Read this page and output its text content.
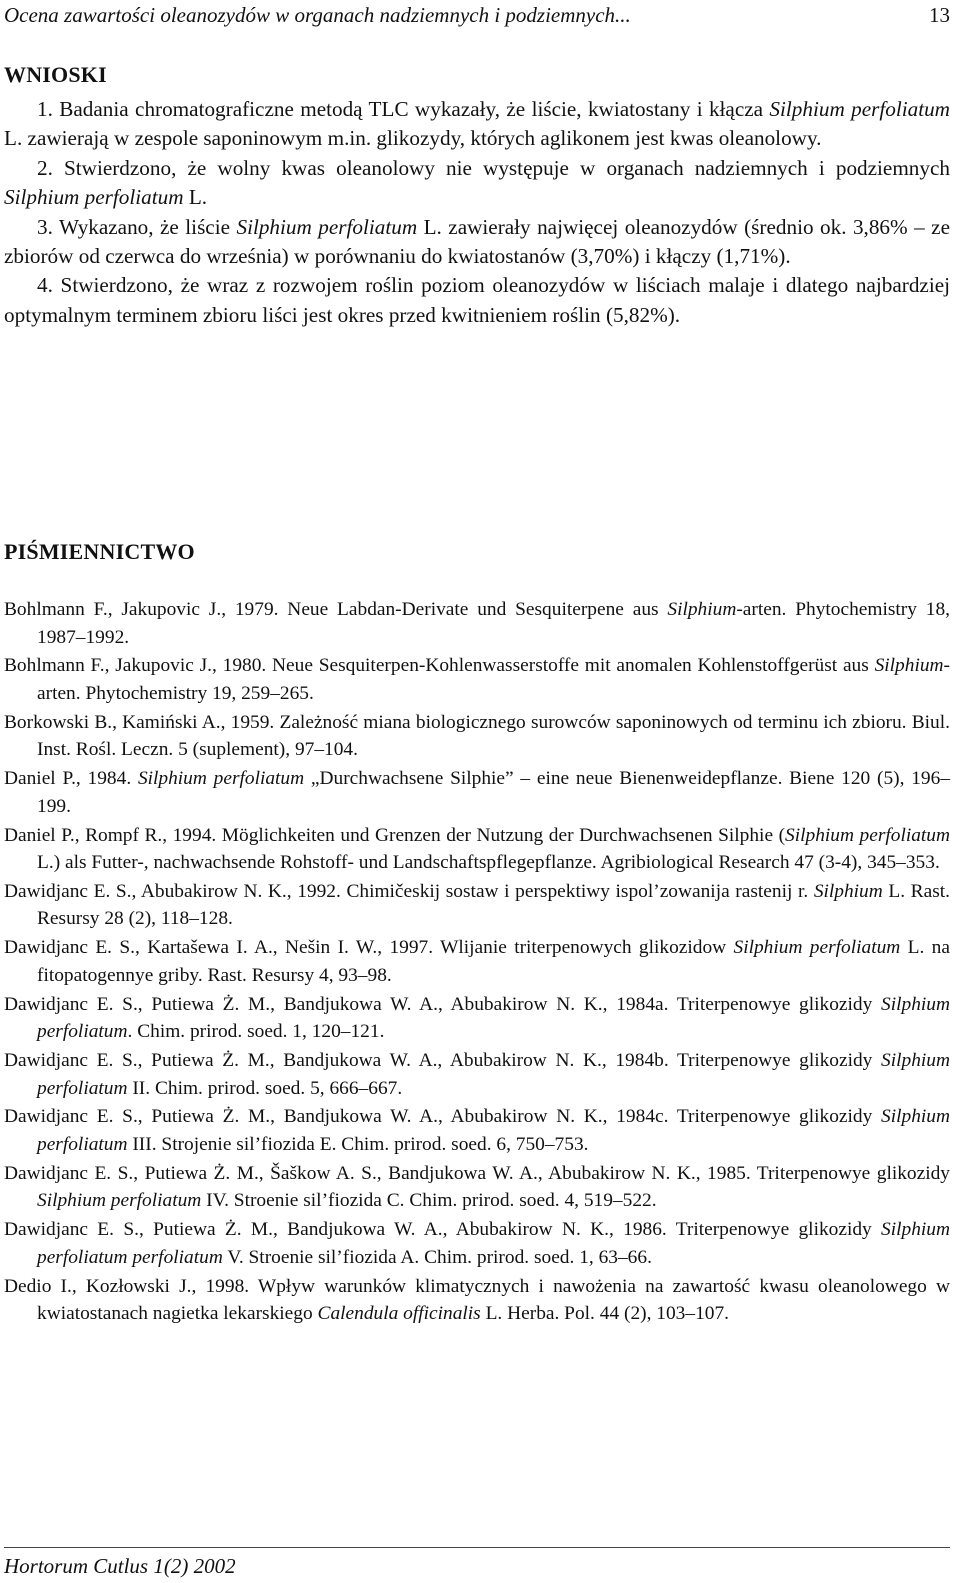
Ocena zawartości oleanozydów w organach nadziemnych i podziemnych...	13
WNIOSKI

1. Badania chromatograficzne metodą TLC wykazały, że liście, kwiatostany i kłącza Silphium perfoliatum L. zawierają w zespole saponinowym m.in. glikozydy, których aglikonem jest kwas oleanolowy.

2. Stwierdzono, że wolny kwas oleanolowy nie występuje w organach nadziemnych i podziemnych Silphium perfoliatum L.

3. Wykazano, że liście Silphium perfoliatum L. zawierały najwięcej oleanozydów (średnio ok. 3,86% – ze zbiorów od czerwca do września) w porównaniu do kwiatostanów (3,70%) i kłączy (1,71%).

4. Stwierdzono, że wraz z rozwojem roślin poziom oleanozydów w liściach malaje i dlatego najbardziej optymalnym terminem zbioru liści jest okres przed kwitnieniem roślin (5,82%).

PIŚMIENNICTWO

Bohlmann F., Jakupovic J., 1979. Neue Labdan-Derivate und Sesquiterpene aus Silphium-arten. Phytochemistry 18, 1987–1992.

Bohlmann F., Jakupovic J., 1980. Neue Sesquiterpen-Kohlenwasserstoffe mit anomalen Kohlenstoffgerüst aus Silphium-arten. Phytochemistry 19, 259–265.

Borkowski B., Kamiński A., 1959. Zależność miana biologicznego surowców saponinowych od terminu ich zbioru. Biul. Inst. Rośl. Leczn. 5 (suplement), 97–104.

Daniel P., 1984. Silphium perfoliatum „Durchwachsene Silphie” – eine neue Bienenweidepflanze. Biene 120 (5), 196–199.

Daniel P., Rompf R., 1994. Möglichkeiten und Grenzen der Nutzung der Durchwachsenen Silphie (Silphium perfoliatum L.) als Futter-, nachwachsende Rohstoff- und Landschaftspflegepflanze. Agribiological Research 47 (3-4), 345–353.

Dawidjanc E. S., Abubakirow N. K., 1992. Chimičeskij sostaw i perspektiwy ispol’zowanija rastenij r. Silphium L. Rast. Resursy 28 (2), 118–128.

Dawidjanc E. S., Kartašewa I. A., Nešin I. W., 1997. Wlijanie triterpenowych glikozidow Silphium perfoliatum L. na fitopatogennye griby. Rast. Resursy 4, 93–98.

Dawidjanc E. S., Putiewa Ż. M., Bandjukowa W. A., Abubakirow N. K., 1984a. Triterpenowye glikozidy Silphium perfoliatum. Chim. prirod. soed. 1, 120–121.

Dawidjanc E. S., Putiewa Ż. M., Bandjukowa W. A., Abubakirow N. K., 1984b. Triterpenowye glikozidy Silphium perfoliatum II. Chim. prirod. soed. 5, 666–667.

Dawidjanc E. S., Putiewa Ż. M., Bandjukowa W. A., Abubakirow N. K., 1984c. Triterpenowye glikozidy Silphium perfoliatum III. Strojenie sil’fiozida E. Chim. prirod. soed. 6, 750–753.

Dawidjanc E. S., Putiewa Ż. M., Šaškow A. S., Bandjukowa W. A., Abubakirow N. K., 1985. Triterpenowye glikozidy Silphium perfoliatum IV. Stroenie sil’fiozida C. Chim. prirod. soed. 4, 519–522.

Dawidjanc E. S., Putiewa Ż. M., Bandjukowa W. A., Abubakirow N. K., 1986. Triterpenowye glikozidy Silphium perfoliatum perfoliatum V. Stroenie sil’fiozida A. Chim. prirod. soed. 1, 63–66.

Dedio I., Kozłowski J., 1998. Wpływ warunków klimatycznych i nawożenia na zawartość kwasu oleanolowego w kwiatostanach nagietka lekarskiego Calendula officinalis L. Herba. Pol. 44 (2), 103–107.

Hortorum Cutlus 1(2) 2002
